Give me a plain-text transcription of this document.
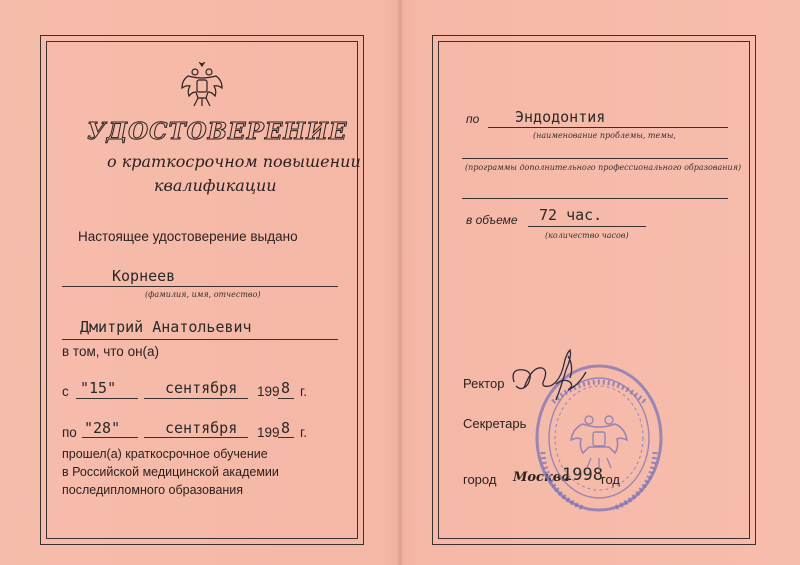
УДОСТОВЕРЕНИЕ
о краткосрочном повышении
квалификации
Настоящее удостоверение выдано
Корнеев
(фамилия, имя, отчество)
Дмитрий Анатольевич
в том, что он(а)
с "15"	сентября 199 8 г.
по "28"	сентября 199 8 г.
прошел(а) краткосрочное обучение
в Российской медицинской академии
последипломного образования
по Эндодонтия
(наименование проблемы, темы,
(программы дополнительного профессионального образования)
в объеме 72 час.
(количество часов)
Ректор
Секретарь
город Москва
1998
год
